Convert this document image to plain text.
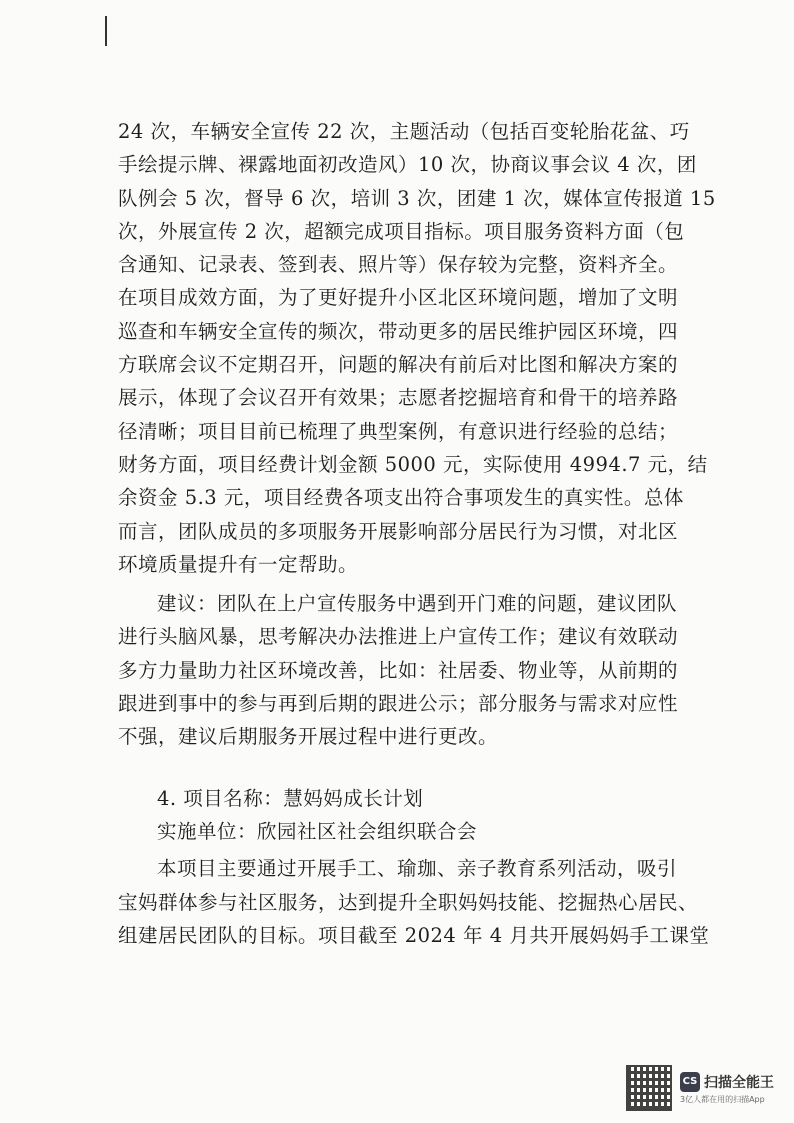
24 次，车辆安全宣传 22 次，主题活动（包括百变轮胎花盆、巧
手绘提示牌、裸露地面初改造风）10 次，协商议事会议 4 次，团
队例会 5 次，督导 6 次，培训 3 次，团建 1 次，媒体宣传报道 15
次，外展宣传 2 次，超额完成项目指标。项目服务资料方面（包
含通知、记录表、签到表、照片等）保存较为完整，资料齐全。
在项目成效方面，为了更好提升小区北区环境问题，增加了文明
巡查和车辆安全宣传的频次，带动更多的居民维护园区环境，四
方联席会议不定期召开，问题的解决有前后对比图和解决方案的
展示，体现了会议召开有效果；志愿者挖掘培育和骨干的培养路
径清晰；项目目前已梳理了典型案例，有意识进行经验的总结；
财务方面，项目经费计划金额 5000 元，实际使用 4994.7 元，结
余资金 5.3 元，项目经费各项支出符合事项发生的真实性。总体
而言，团队成员的多项服务开展影响部分居民行为习惯，对北区
环境质量提升有一定帮助。

建议：团队在上户宣传服务中遇到开门难的问题，建议团队
进行头脑风暴，思考解决办法推进上户宣传工作；建议有效联动
多方力量助力社区环境改善，比如：社居委、物业等，从前期的
跟进到事中的参与再到后期的跟进公示；部分服务与需求对应性
不强，建议后期服务开展过程中进行更改。

4. 项目名称：慧妈妈成长计划

实施单位：欣园社区社会组织联合会

本项目主要通过开展手工、瑜珈、亲子教育系列活动，吸引
宝妈群体参与社区服务，达到提升全职妈妈技能、挖掘热心居民、
组建居民团队的目标。项目截至 2024 年 4 月共开展妈妈手工课堂

CS 扫描全能王
3亿人都在用的扫描App
